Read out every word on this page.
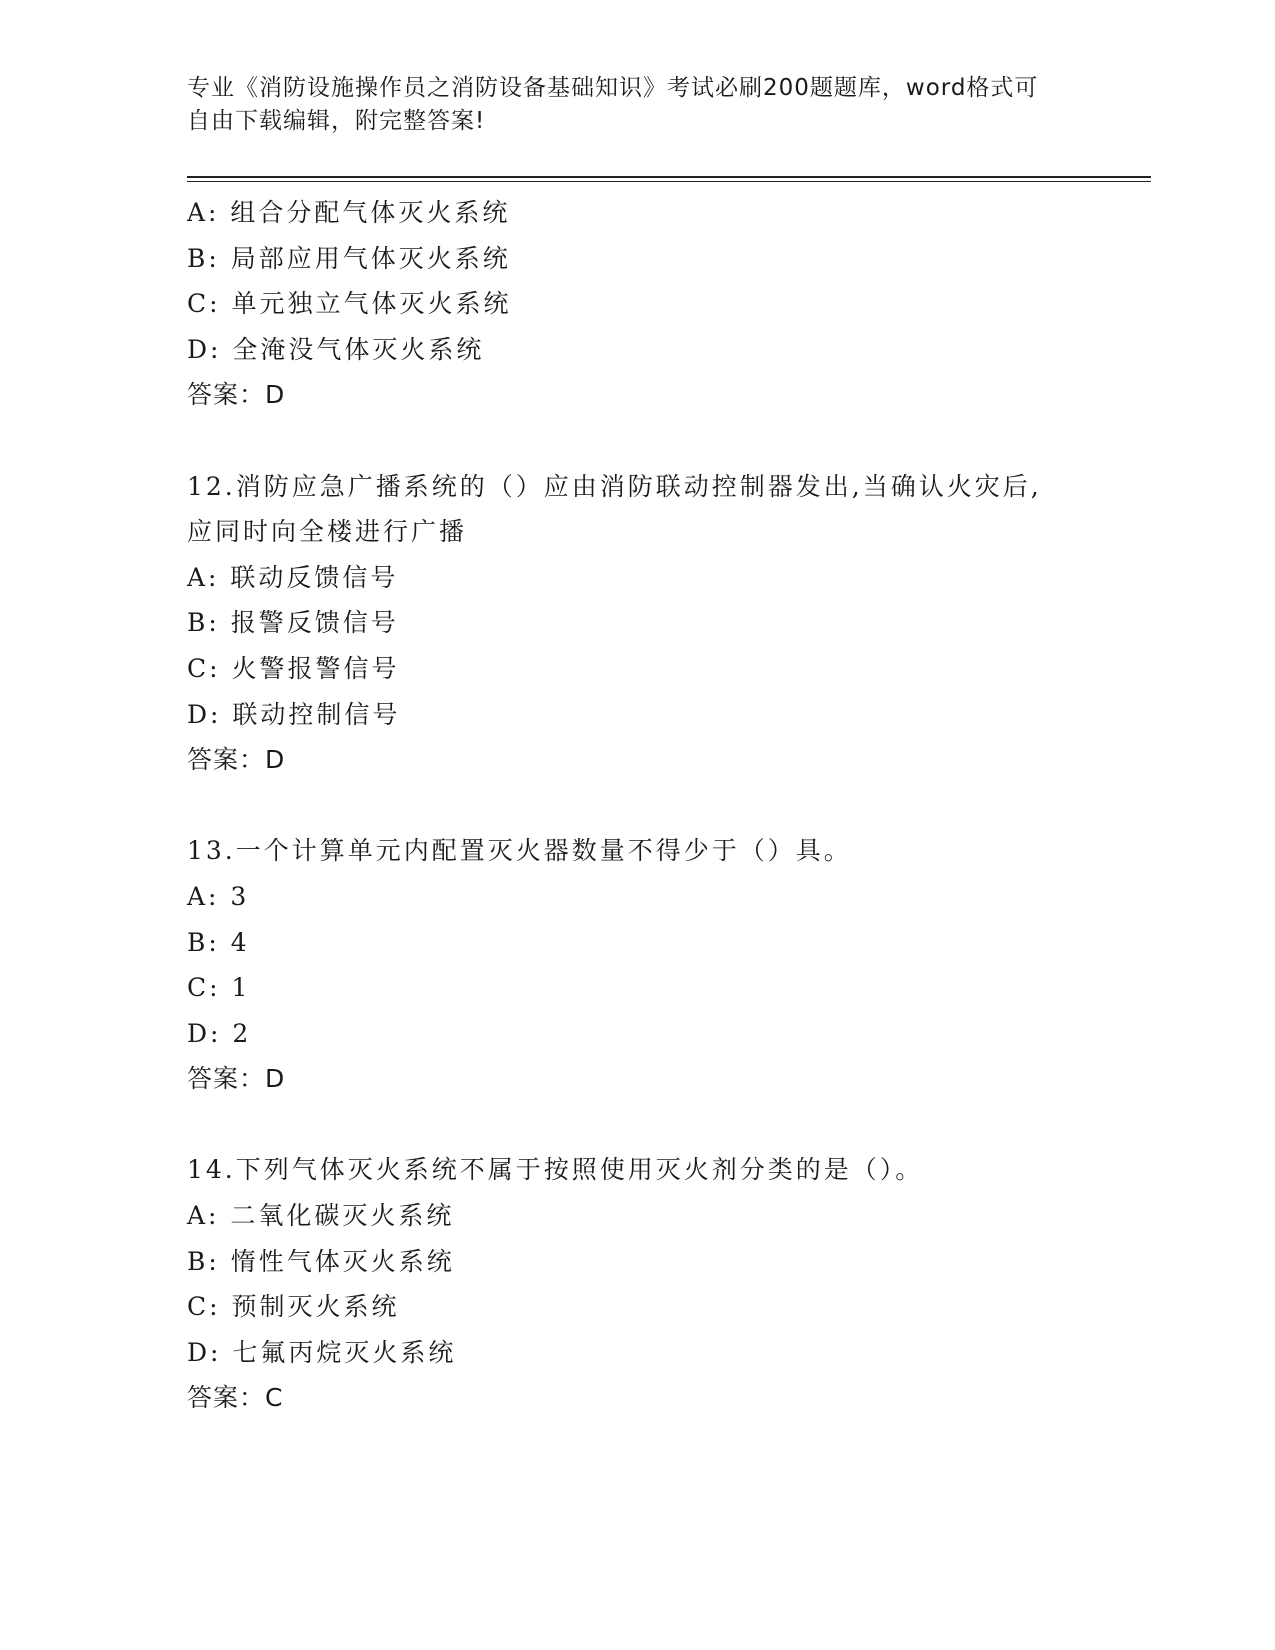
专业《消防设施操作员之消防设备基础知识》考试必刷200题题库，word格式可
自由下载编辑，附完整答案!
A: 组合分配气体灭火系统
B: 局部应用气体灭火系统
C: 单元独立气体灭火系统
D: 全淹没气体灭火系统
答案：D
12.消防应急广播系统的（）应由消防联动控制器发出,当确认火灾后,
应同时向全楼进行广播
A: 联动反馈信号
B: 报警反馈信号
C: 火警报警信号
D: 联动控制信号
答案：D
13.一个计算单元内配置灭火器数量不得少于（）具。
A: 3
B: 4
C: 1
D: 2
答案：D
14.下列气体灭火系统不属于按照使用灭火剂分类的是（）。
A: 二氧化碳灭火系统
B: 惰性气体灭火系统
C: 预制灭火系统
D: 七氟丙烷灭火系统
答案：C
